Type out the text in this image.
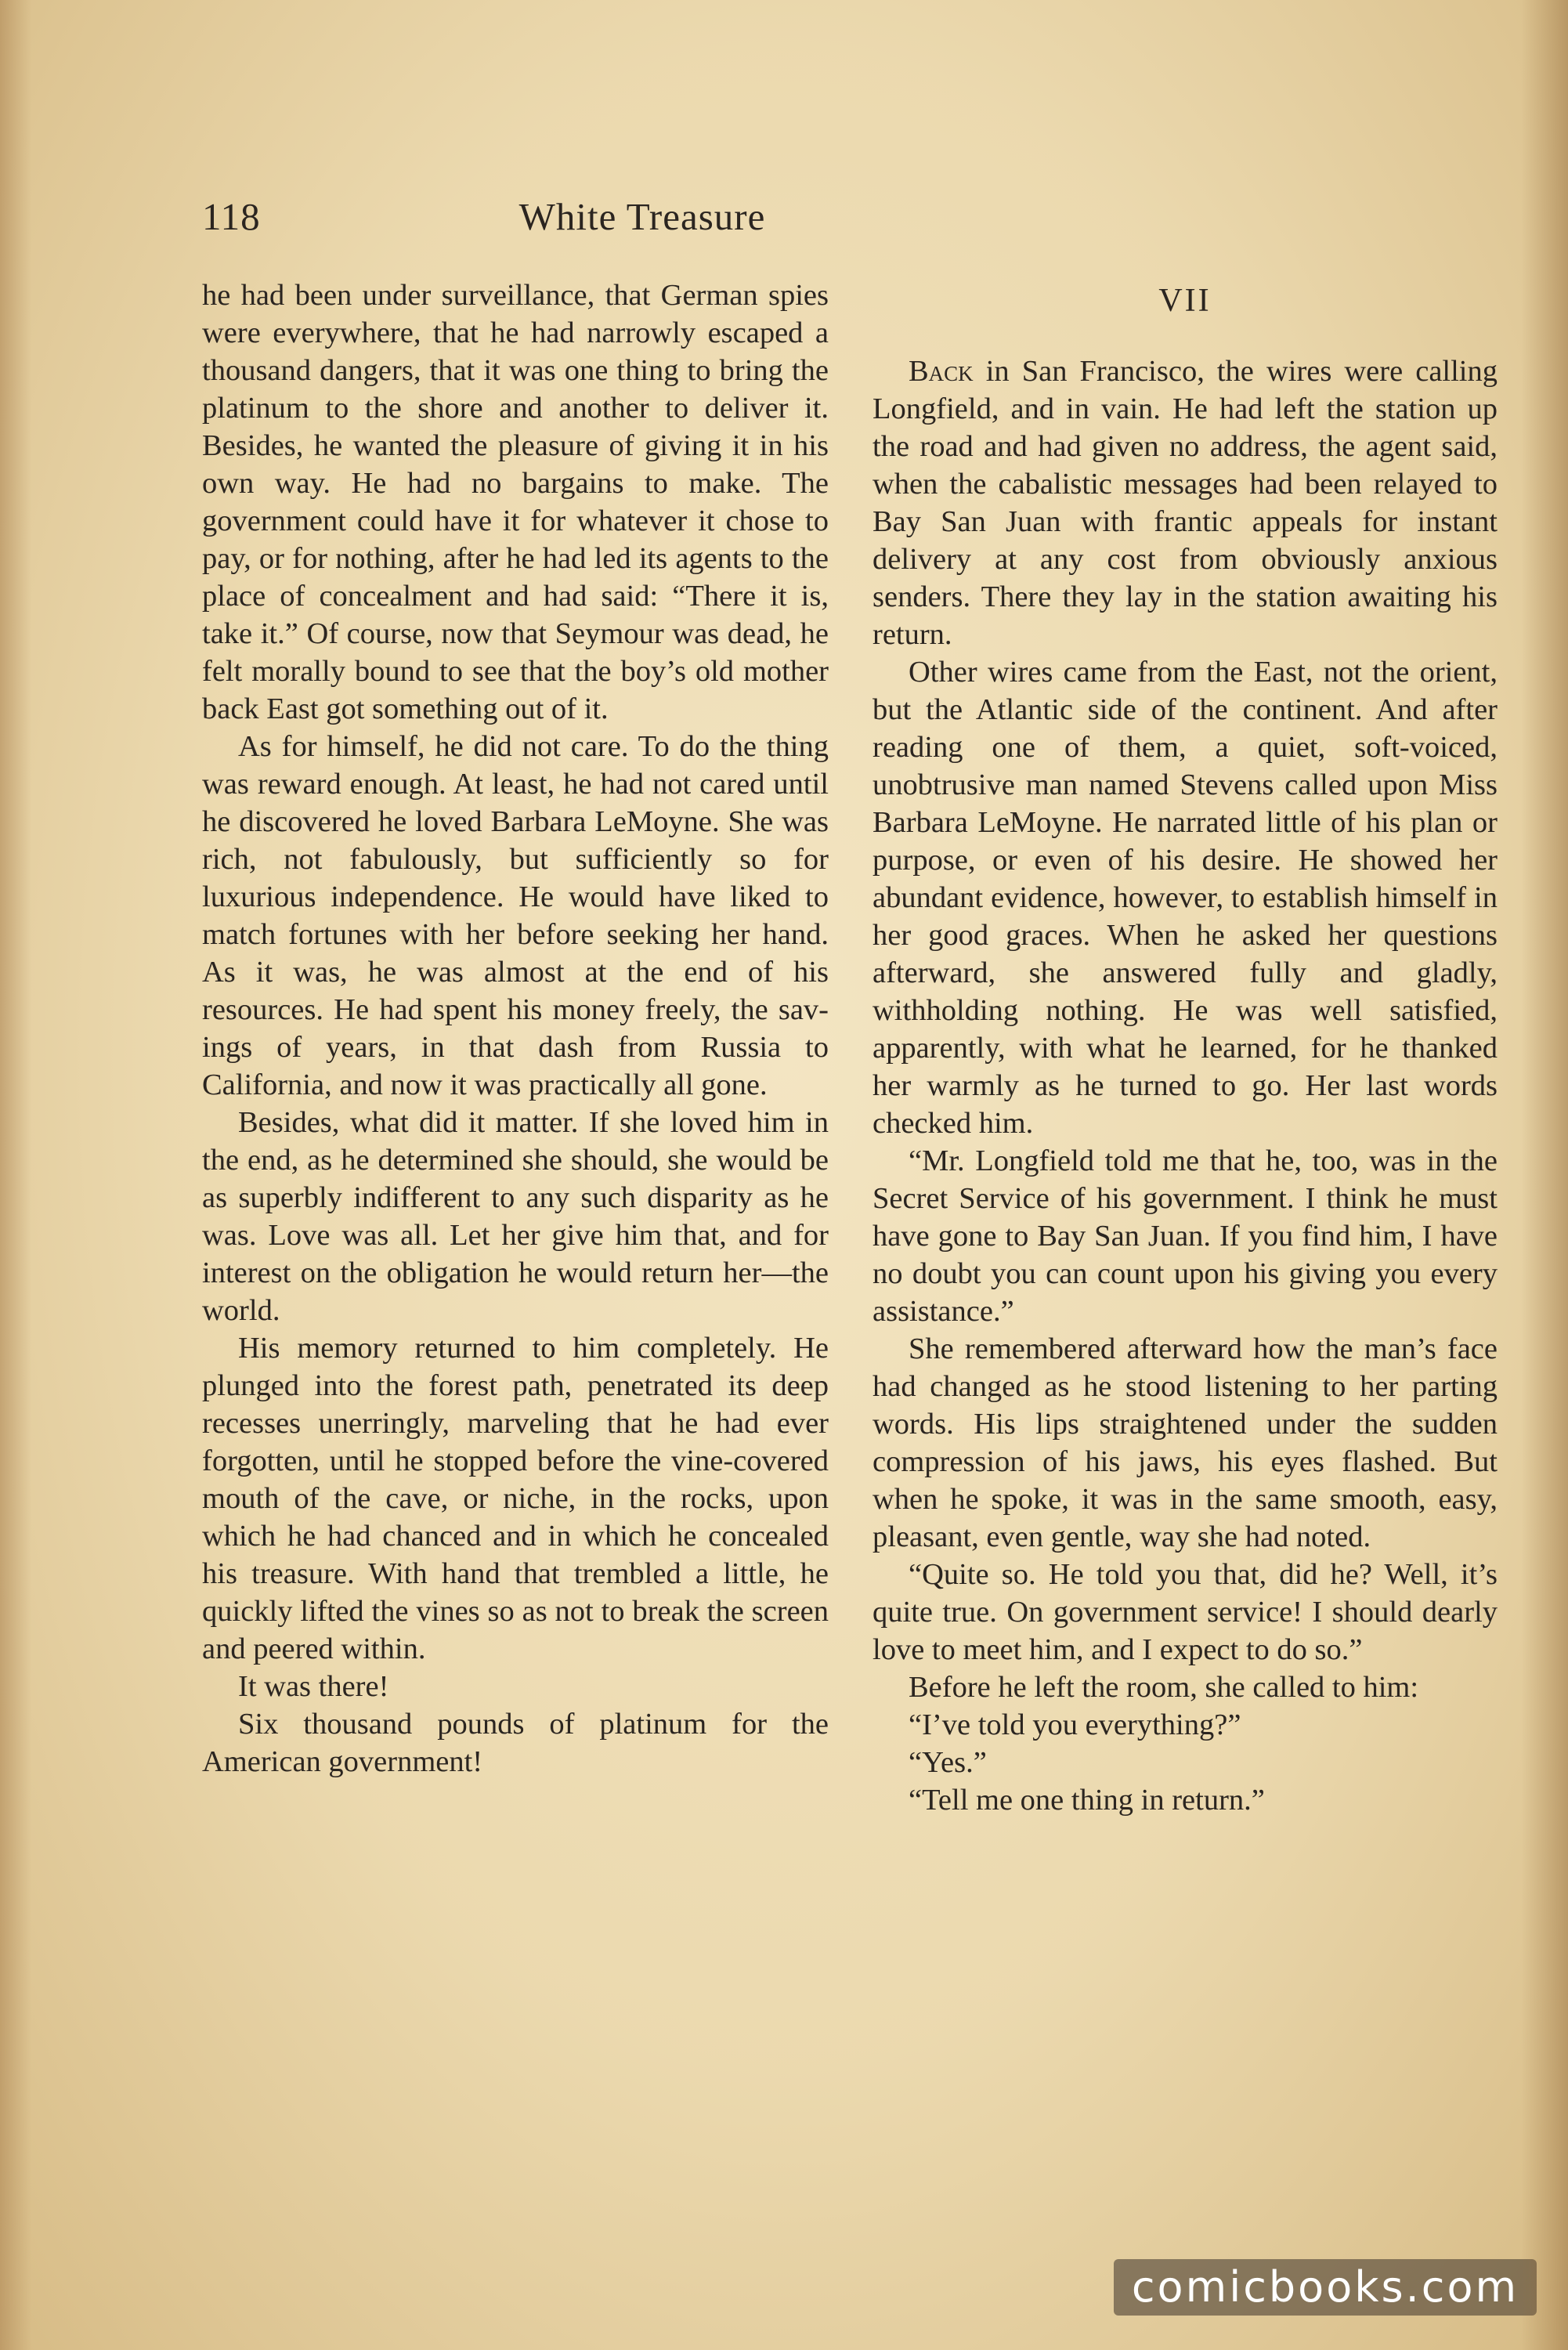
118	White Treasure

he had been under surveillance, that German spies were everywhere, that he had narrowly escaped a thousand dangers, that it was one thing to bring the platinum to the shore and another to deliver it. Besides, he wanted the pleasure of giving it in his own way. He had no bargains to make. The government could have it for whatever it chose to pay, or for nothing, after he had led its agents to the place of concealment and had said: “There it is, take it.” Of course, now that Seymour was dead, he felt morally bound to see that the boy’s old mother back East got something out of it.

As for himself, he did not care. To do the thing was reward enough. At least, he had not cared until he discovered he loved Barbara LeMoyne. She was rich, not fabulously, but sufficiently so for luxurious independence. He would have liked to match fortunes with her before seeking her hand. As it was, he was almost at the end of his resources. He had spent his money freely, the savings of years, in that dash from Russia to California, and now it was practically all gone.

Besides, what did it matter. If she loved him in the end, as he determined she should, she would be as superbly indifferent to any such disparity as he was. Love was all. Let her give him that, and for interest on the obligation he would return her—the world.

His memory returned to him completely. He plunged into the forest path, penetrated its deep recesses unerringly, marveling that he had ever forgotten, until he stopped before the vine-covered mouth of the cave, or niche, in the rocks, upon which he had chanced and in which he concealed his treasure. With hand that trembled a little, he quickly lifted the vines so as not to break the screen and peered within.

It was there!

Six thousand pounds of platinum for the American government!

VII

Back in San Francisco, the wires were calling Longfield, and in vain. He had left the station up the road and had given no address, the agent said, when the cabalistic messages had been relayed to Bay San Juan with frantic appeals for instant delivery at any cost from obviously anxious senders. There they lay in the station awaiting his return.

Other wires came from the East, not the orient, but the Atlantic side of the continent. And after reading one of them, a quiet, soft-voiced, unobtrusive man named Stevens called upon Miss Barbara LeMoyne. He narrated little of his plan or purpose, or even of his desire. He showed her abundant evidence, however, to establish himself in her good graces. When he asked her questions afterward, she answered fully and gladly, withholding nothing. He was well satisfied, apparently, with what he learned, for he thanked her warmly as he turned to go. Her last words checked him.

“Mr. Longfield told me that he, too, was in the Secret Service of his government. I think he must have gone to Bay San Juan. If you find him, I have no doubt you can count upon his giving you every assistance.”

She remembered afterward how the man’s face had changed as he stood listening to her parting words. His lips straightened under the sudden compression of his jaws, his eyes flashed. But when he spoke, it was in the same smooth, easy, pleasant, even gentle, way she had noted.

“Quite so. He told you that, did he? Well, it’s quite true. On government service! I should dearly love to meet him, and I expect to do so.”

Before he left the room, she called to him:

“I’ve told you everything?”

“Yes.”

“Tell me one thing in return.”

comicbooks.com
